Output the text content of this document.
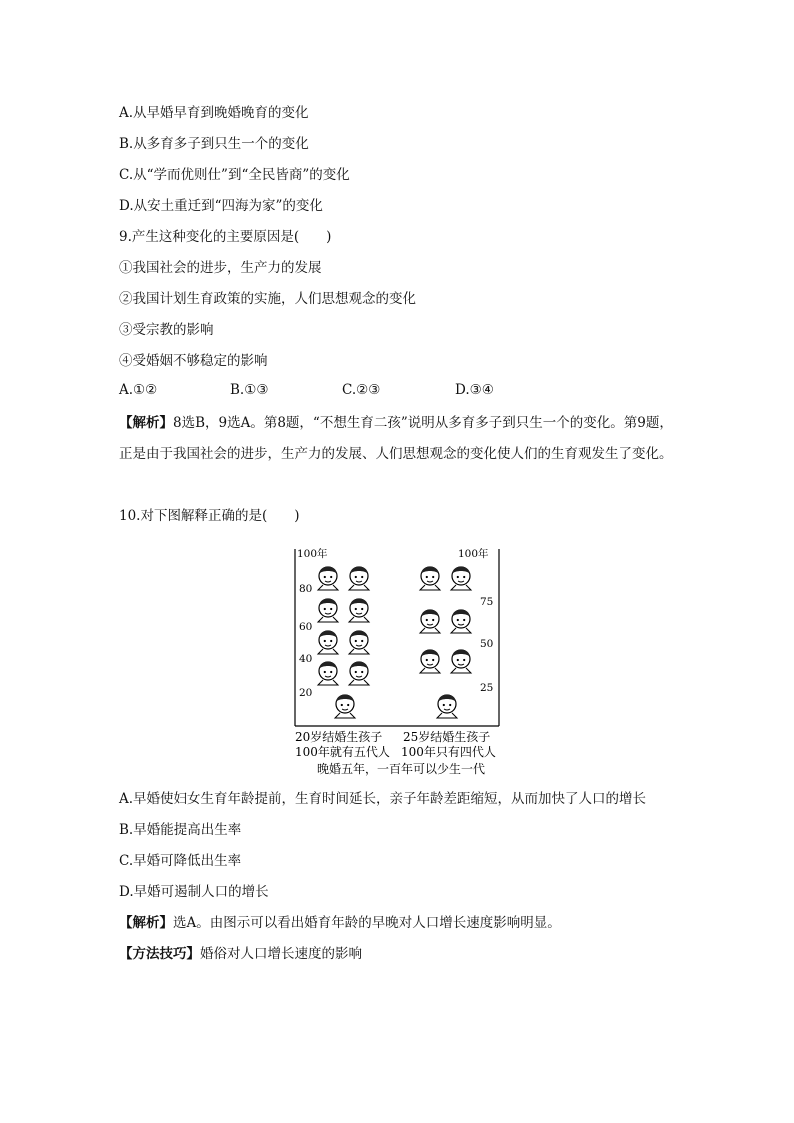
A.从早婚早育到晚婚晚育的变化
B.从多育多子到只生一个的变化
C.从“学而优则仕”到“全民皆商”的变化
D.从安土重迁到“四海为家”的变化
9.产生这种变化的主要原因是(　　)
①我国社会的进步，生产力的发展
②我国计划生育政策的实施，人们思想观念的变化
③受宗教的影响
④受婚姻不够稳定的影响
A.①②	B.①③	C.②③	D.③④
【解析】8选B，9选A。第8题，“不想生育二孩”说明从多育多子到只生一个的变化。第9题，正是由于我国社会的进步，生产力的发展、人们思想观念的变化使人们的生育观发生了变化。
10.对下图解释正确的是(　　)
100年
80
60
40
20
100年
75
50
25
20岁结婚生孩子
100年就有五代人
25岁结婚生孩子
100年只有四代人
晚婚五年，一百年可以少生一代
A.早婚使妇女生育年龄提前，生育时间延长，亲子年龄差距缩短，从而加快了人口的增长
B.早婚能提高出生率
C.早婚可降低出生率
D.早婚可遏制人口的增长
【解析】选A。由图示可以看出婚育年龄的早晚对人口增长速度影响明显。
【方法技巧】婚俗对人口增长速度的影响
